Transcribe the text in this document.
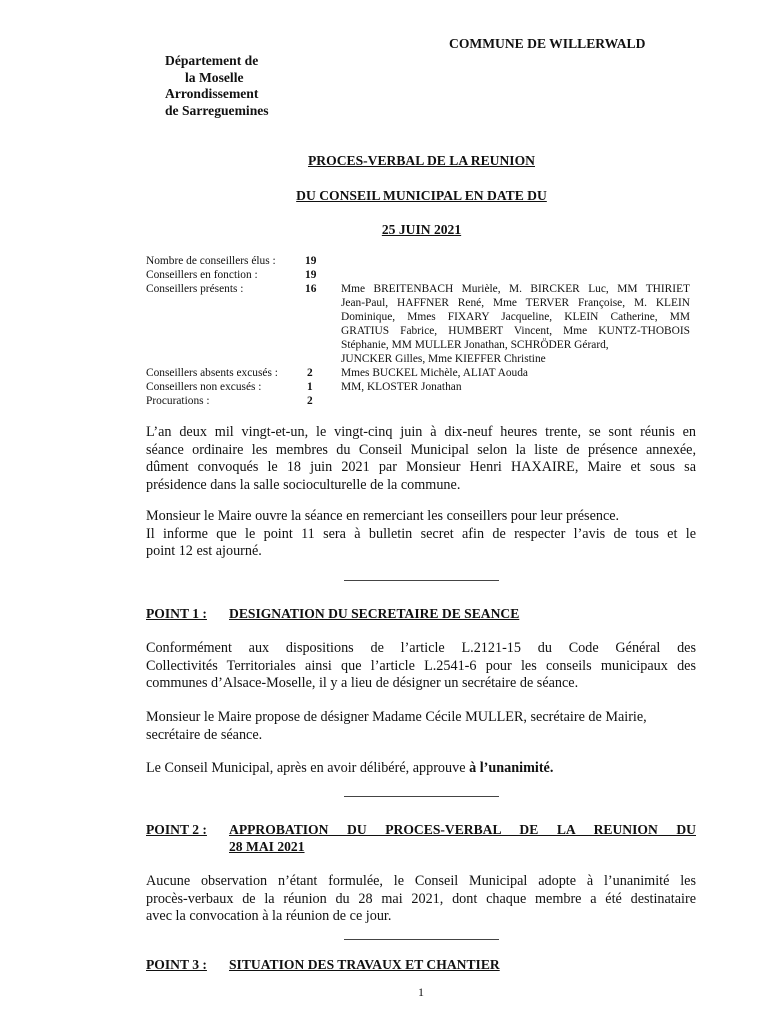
COMMUNE DE WILLERWALD
Département de
la Moselle
Arrondissement
de Sarreguemines
PROCES-VERBAL DE LA REUNION
DU CONSEIL MUNICIPAL EN DATE DU
25 JUIN 2021
Nombre de conseillers élus :
Conseillers en fonction :
Conseillers présents :
19
19
16 Mme BREITENBACH Murièle, M. BIRCKER Luc, MM THIRIET
Jean-Paul, HAFFNER René, Mme TERVER Françoise, M. KLEIN
Dominique, Mmes FIXARY Jacqueline, KLEIN Catherine, MM
GRATIUS Fabrice, HUMBERT Vincent, Mme KUNTZ-THOBOIS
Stéphanie, MM MULLER Jonathan, SCHRÖDER Gérard,
JUNCKER Gilles, Mme KIEFFER Christine
Conseillers absents excusés :
Conseillers non excusés :
Procurations :
2
1
2
Mmes BUCKEL Michèle, ALIAT Aouda
MM, KLOSTER Jonathan
L’an deux mil vingt-et-un, le vingt-cinq juin à dix-neuf heures trente, se sont réunis en
séance ordinaire les membres du Conseil Municipal selon la liste de présence annexée,
dûment convoqués le 18 juin 2021 par Monsieur Henri HAXAIRE, Maire et sous sa
présidence dans la salle socioculturelle de la commune.
Monsieur le Maire ouvre la séance en remerciant les conseillers pour leur présence.
Il informe que le point 11 sera à bulletin secret afin de respecter l’avis de tous et le
point 12 est ajourné.
POINT 1 : DESIGNATION DU SECRETAIRE DE SEANCE
Conformément aux dispositions de l’article L.2121-15 du Code Général des
Collectivités Territoriales ainsi que l’article L.2541-6 pour les conseils municipaux des
communes d’Alsace-Moselle, il y a lieu de désigner un secrétaire de séance.
Monsieur le Maire propose de désigner Madame Cécile MULLER, secrétaire de Mairie,
secrétaire de séance.
Le Conseil Municipal, après en avoir délibéré, approuve à l’unanimité.
POINT 2 : APPROBATION DU PROCES-VERBAL DE LA REUNION DU
28 MAI 2021
Aucune observation n’étant formulée, le Conseil Municipal adopte à l’unanimité les
procès-verbaux de la réunion du 28 mai 2021, dont chaque membre a été destinataire
avec la convocation à la réunion de ce jour.
POINT 3 : SITUATION DES TRAVAUX ET CHANTIER
1
